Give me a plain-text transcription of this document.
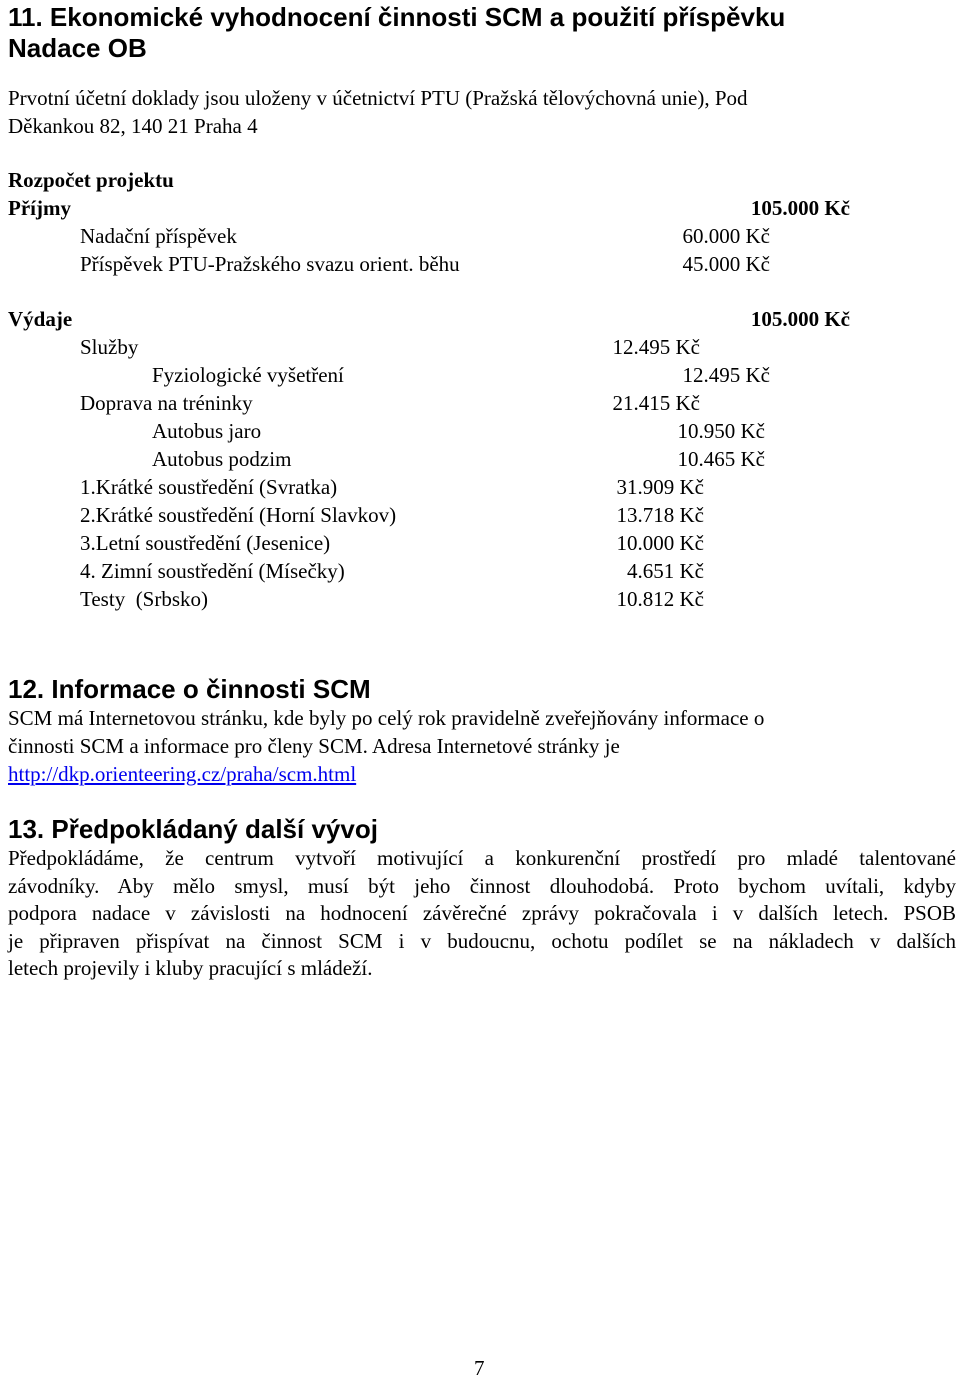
11. Ekonomické vyhodnocení činnosti SCM a použití příspěvku
Nadace OB
Prvotní účetní doklady jsou uloženy v účetnictví PTU (Pražská tělovýchovná unie), Pod
Děkankou 82, 140 21 Praha 4
Rozpočet projektu
Příjmy	105.000 Kč
Nadační příspěvek	60.000 Kč
Příspěvek PTU-Pražského svazu orient. běhu	45.000 Kč
Výdaje	105.000 Kč
Služby	12.495 Kč
Fyziologické vyšetření	12.495 Kč
Doprava na tréninky	21.415 Kč
Autobus jaro	10.950 Kč
Autobus podzim	10.465 Kč
1.Krátké soustředění (Svratka)	31.909 Kč
2.Krátké soustředění (Horní Slavkov)	13.718 Kč
3.Letní soustředění (Jesenice)	10.000 Kč
4. Zimní soustředění (Mísečky)	4.651 Kč
Testy  (Srbsko)	10.812 Kč
12. Informace o činnosti SCM
SCM má Internetovou stránku, kde byly po celý rok pravidelně zveřejňovány informace o
činnosti SCM a informace pro členy SCM. Adresa Internetové stránky je
http://dkp.orienteering.cz/praha/scm.html
13. Předpokládaný další vývoj
Předpokládáme, že centrum vytvoří motivující a konkurenční prostředí pro mladé talentované
závodníky. Aby mělo smysl, musí být jeho činnost dlouhodobá. Proto bychom uvítali, kdyby
podpora nadace v závislosti na hodnocení závěrečné zprávy pokračovala i v dalších letech. PSOB
je připraven přispívat na činnost SCM i v budoucnu, ochotu podílet se na nákladech v dalších
letech projevily i kluby pracující s mládeží.
7
